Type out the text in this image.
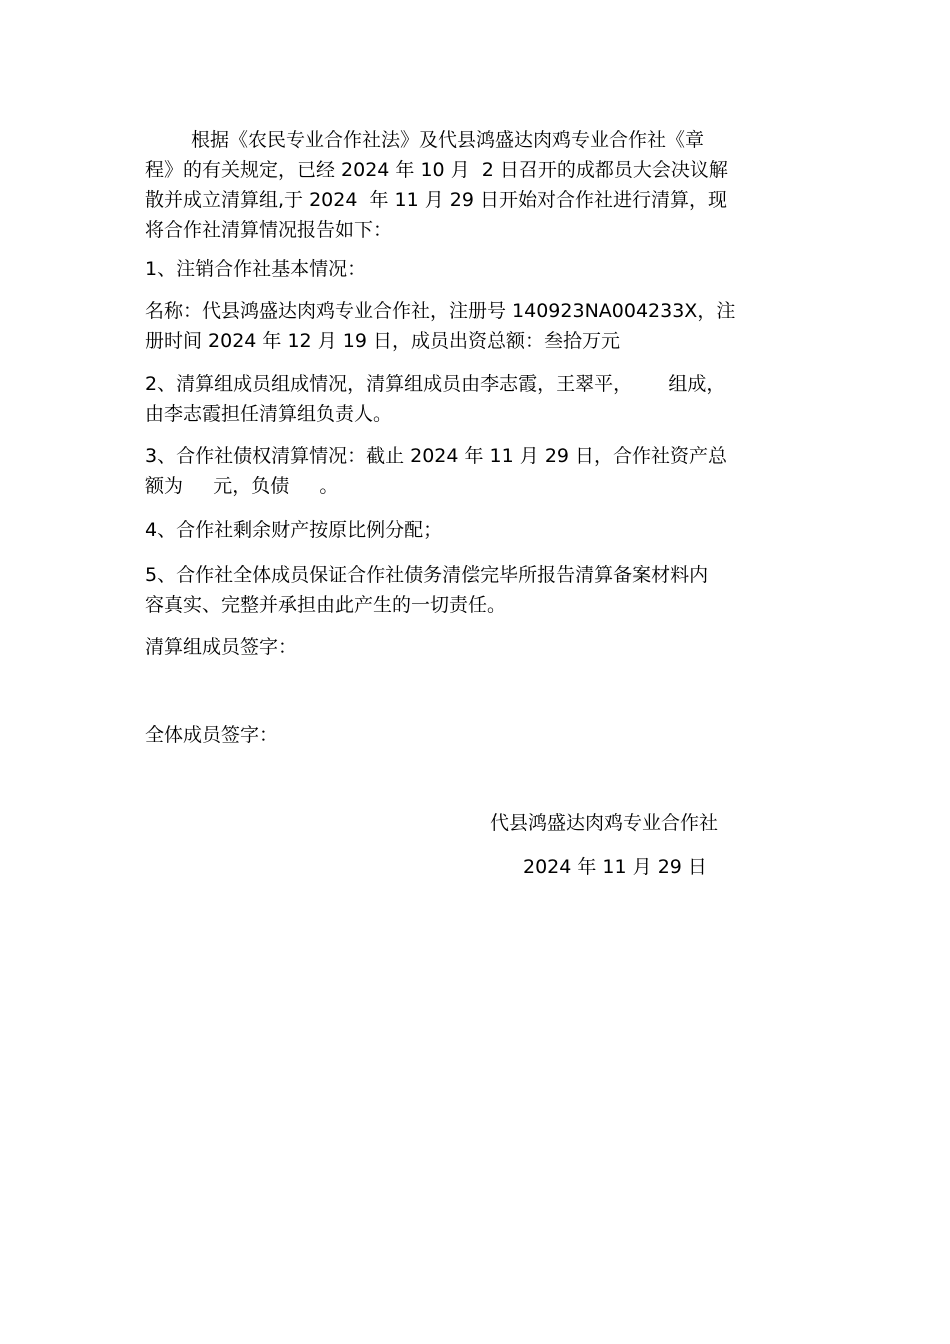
根据《农民专业合作社法》及代县鸿盛达肉鸡专业合作社《章
程》的有关规定，已经 2024 年 10 月  2 日召开的成都员大会决议解
散并成立清算组,于 2024  年 11 月 29 日开始对合作社进行清算，现
将合作社清算情况报告如下：
1、注销合作社基本情况：
名称：代县鸿盛达肉鸡专业合作社，注册号 140923NA004233X，注
册时间 2024 年 12 月 19 日，成员出资总额：叁拾万元
2、清算组成员组成情况，清算组成员由李志霞，王翠平，      组成，
由李志霞担任清算组负责人。
3、合作社债权清算情况：截止 2024 年 11 月 29 日，合作社资产总
额为     元，负债     。
4、合作社剩余财产按原比例分配；
5、合作社全体成员保证合作社债务清偿完毕所报告清算备案材料内
容真实、完整并承担由此产生的一切责任。
清算组成员签字：
全体成员签字：
代县鸿盛达肉鸡专业合作社
2024 年 11 月 29 日
